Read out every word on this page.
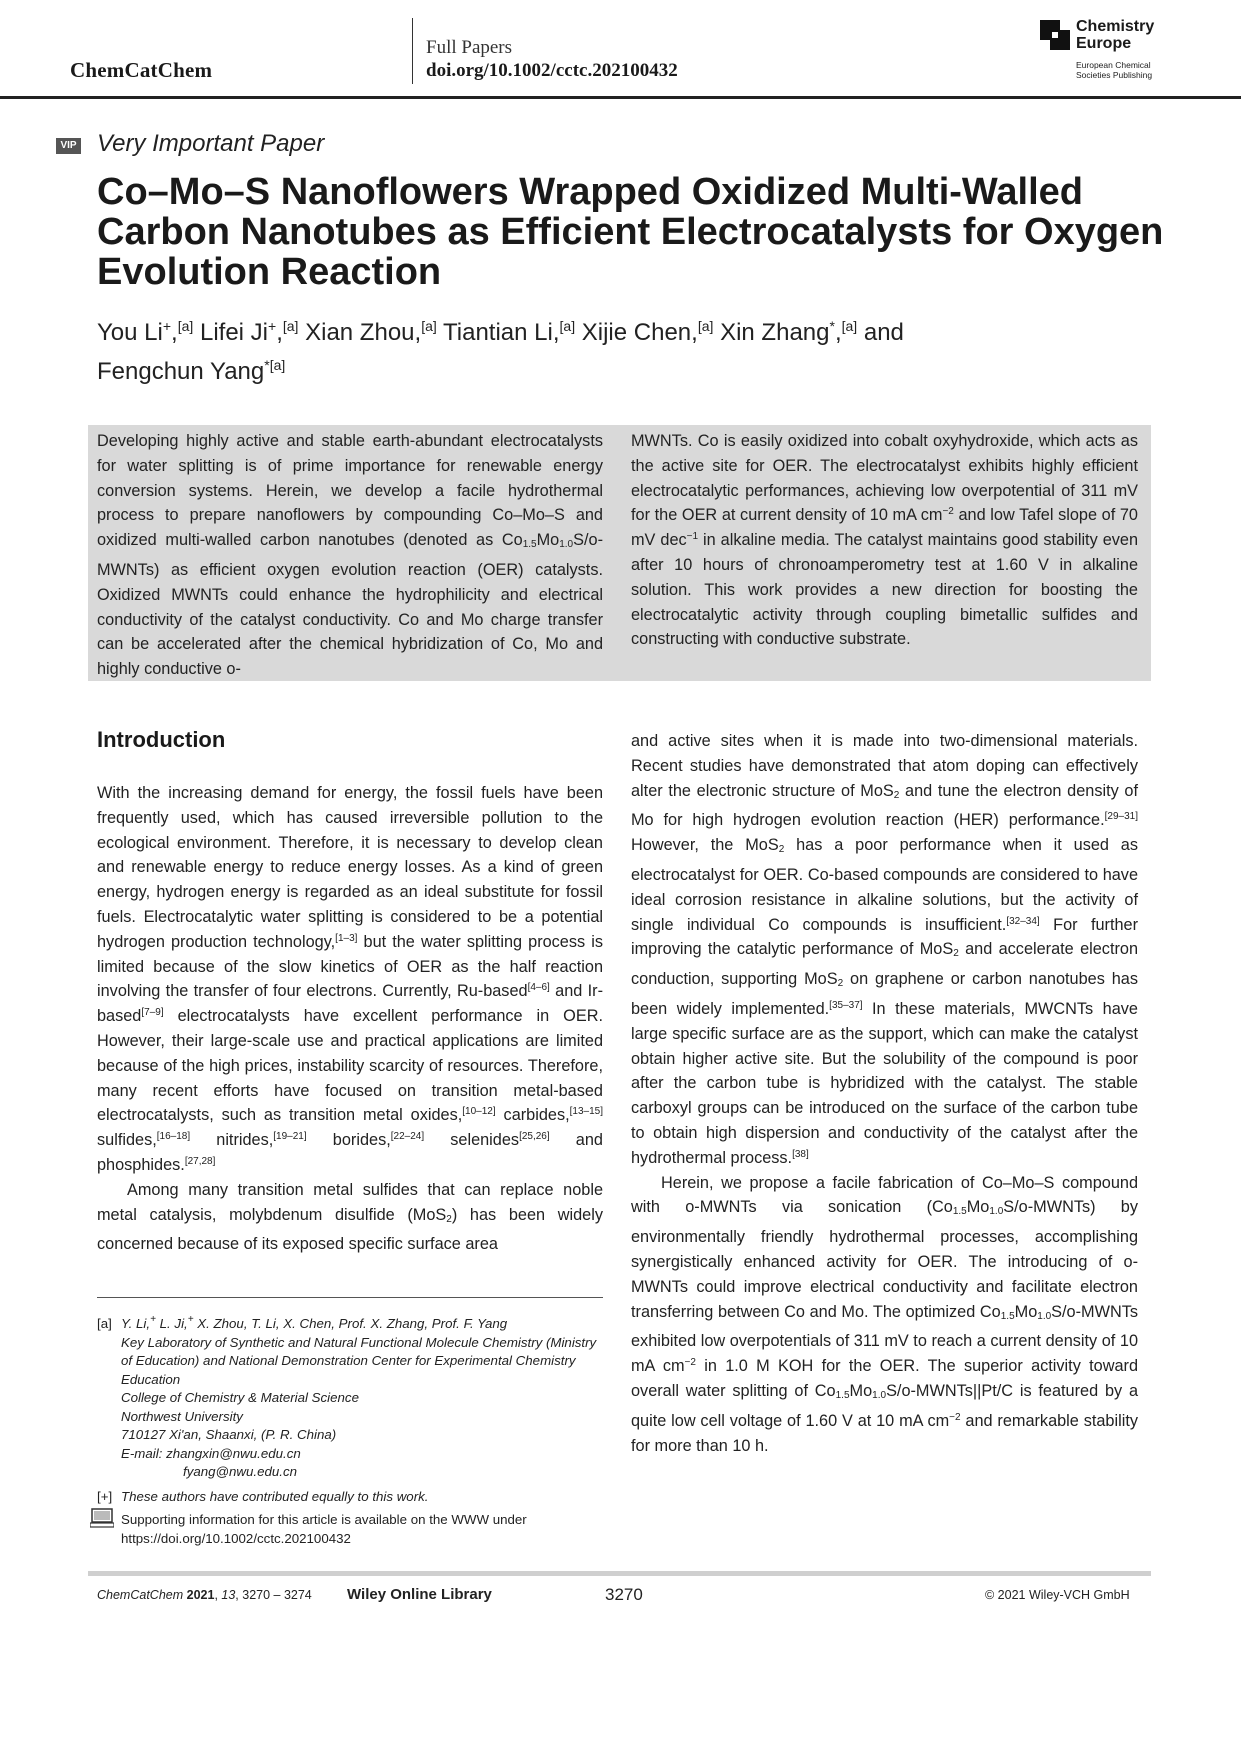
ChemCatChem
Full Papers
doi.org/10.1002/cctc.202100432
Chemistry
Europe
European Chemical
Societies Publishing
VIP Very Important Paper
Co–Mo–S Nanoflowers Wrapped Oxidized Multi-Walled Carbon Nanotubes as Efficient Electrocatalysts for Oxygen Evolution Reaction
You Li+,[a] Lifei Ji+,[a] Xian Zhou,[a] Tiantian Li,[a] Xijie Chen,[a] Xin Zhang*,[a] and
Fengchun Yang$^{*[a]}$
Developing highly active and stable earth-abundant electrocatalysts for water splitting is of prime importance for renewable energy conversion systems. Herein, we develop a facile hydrothermal process to prepare nanoflowers by compounding Co–Mo–S and oxidized multi-walled carbon nanotubes (denoted as $Co_{1.5}Mo_{1.0}S/o-MWNTs$) as efficient oxygen evolution reaction (OER) catalysts. Oxidized MWNTs could enhance the hydrophilicity and electrical conductivity of the catalyst conductivity. Co and Mo charge transfer can be accelerated after the chemical hybridization of Co, Mo and highly conductive o-
MWNTs. Co is easily oxidized into cobalt oxyhydroxide, which acts as the active site for OER. The electrocatalyst exhibits highly efficient electrocatalytic performances, achieving low overpotential of 311 mV for the OER at current density of 10 mA $cm^{-2}$ and low Tafel slope of 70 mV dec$^{-1}$ in alkaline media. The catalyst maintains good stability even after 10 hours of chronoamperometry test at 1.60 V in alkaline solution. This work provides a new direction for boosting the electrocatalytic activity through coupling bimetallic sulfides and constructing with conductive substrate.
Introduction

With the increasing demand for energy, the fossil fuels have been frequently used, which has caused irreversible pollution to the ecological environment. Therefore, it is necessary to develop clean and renewable energy to reduce energy losses. As a kind of green energy, hydrogen energy is regarded as an ideal substitute for fossil fuels. Electrocatalytic water splitting is considered to be a potential hydrogen production technology,[1–3] but the water splitting process is limited because of the slow kinetics of OER as the half reaction involving the transfer of four electrons. Currently, Ru-based[4–6] and Ir-based[7–9] electrocatalysts have excellent performance in OER. However, their large-scale use and practical applications are limited because of the high prices, instability scarcity of resources. Therefore, many recent efforts have focused on transition metal-based electrocatalysts, such as transition metal oxides,[10–12] carbides,[13–15] sulfides,[16–18] nitrides,[19–21] borides,[22–24] selenides[25,26] and phosphides.[27,28]

Among many transition metal sulfides that can replace noble metal catalysis, molybdenum disulfide (MoS$_2$) has been widely concerned because of its exposed specific surface area

and active sites when it is made into two-dimensional materials. Recent studies have demonstrated that atom doping can effectively alter the electronic structure of MoS$_2$ and tune the electron density of Mo for high hydrogen evolution reaction (HER) performance.[29–31] However, the MoS$_2$ has a poor performance when it used as electrocatalyst for OER. Co-based compounds are considered to have ideal corrosion resistance in alkaline solutions, but the activity of single individual Co compounds is insufficient.[32–34] For further improving the catalytic performance of MoS$_2$ and accelerate electron conduction, supporting MoS$_2$ on graphene or carbon nanotubes has been widely implemented.[35–37] In these materials, MWCNTs have large specific surface are as the support, which can make the catalyst obtain higher active site. But the solubility of the compound is poor after the carbon tube is hybridized with the catalyst. The stable carboxyl groups can be introduced on the surface of the carbon tube to obtain high dispersion and conductivity of the catalyst after the hydrothermal process.[38]

Herein, we propose a facile fabrication of Co–Mo–S compound with o-MWNTs via sonication $(Co_{1.5}Mo_{1.0}S/o-MWNTs)$ by environmentally friendly hydrothermal processes, accomplishing synergistically enhanced activity for OER. The introducing of o-MWNTs could improve electrical conductivity and facilitate electron transferring between Co and Mo. The optimized $Co_{1.5}Mo_{1.0}S/o$-MWNTs exhibited low overpotentials of 311 mV to reach a current density of 10 mA $cm^{-2}$ in 1.0 M KOH for the OER. The superior activity toward overall water splitting of $Co_{1.5}Mo_{1.0}S/o-MWNTs||Pt/C$ is featured by a quite low cell voltage of 1.60 V at 10 mA $cm^{-2}$ and remarkable stability for more than 10 h.

[a] Y. Li,+ L. Ji,+ X. Zhou, T. Li, X. Chen, Prof. X. Zhang, Prof. F. Yang
Key Laboratory of Synthetic and Natural Functional Molecule Chemistry (Ministry of Education) and National Demonstration Center for Experimental Chemistry Education
College of Chemistry & Material Science
Northwest University
710127 Xi'an, Shaanxi, (P. R. China)
E-mail: zhangxin@nwu.edu.cn
fyang@nwu.edu.cn
[+] These authors have contributed equally to this work.
Supporting information for this article is available on the WWW under https://doi.org/10.1002/cctc.202100432
ChemCatChem 2021, 13, 3270 – 3274 Wiley Online Library	3270	© 2021 Wiley-VCH GmbH
